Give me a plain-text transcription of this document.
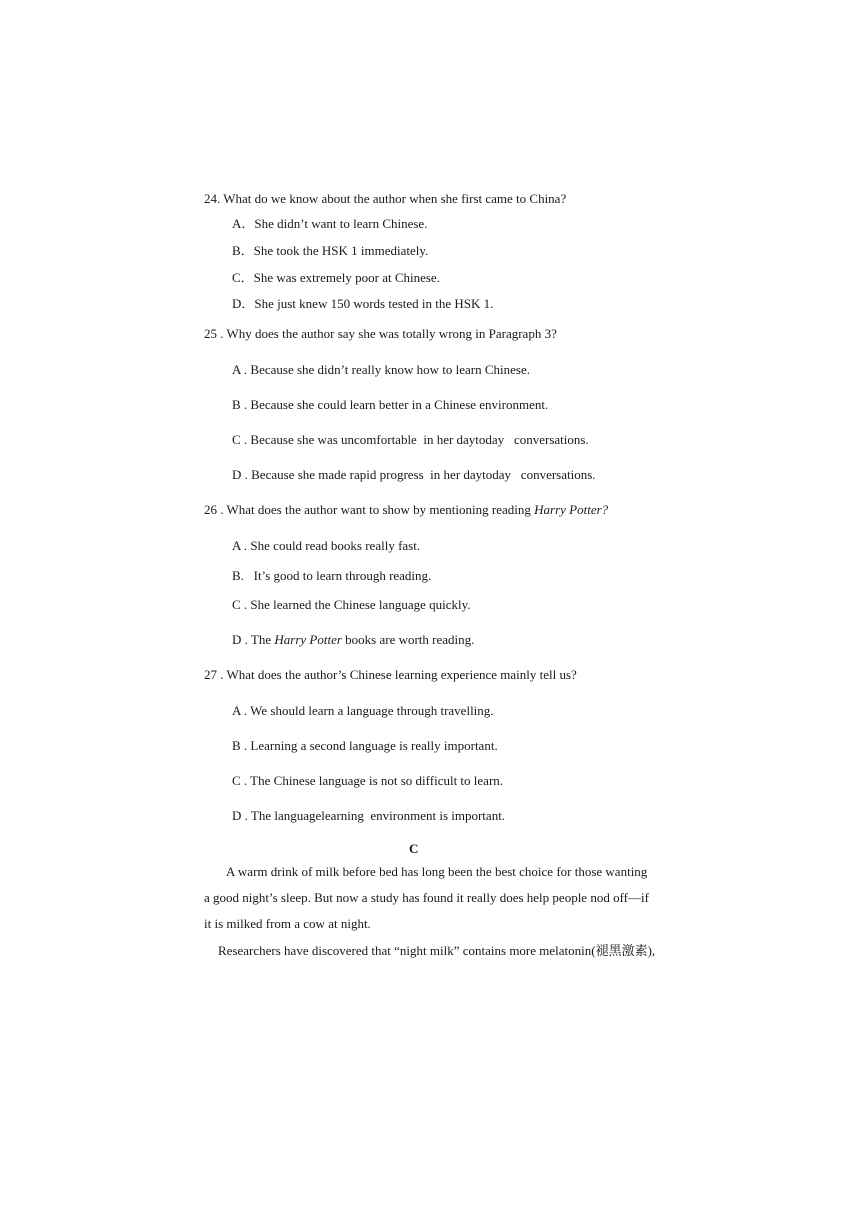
24. What do we know about the author when she first came to China?
A．She didn’t want to learn Chinese.
B．She took the HSK 1 immediately.
C．She was extremely poor at Chinese.
D．She just knew 150 words tested in the HSK 1.
25 . Why does the author say she was totally wrong in Paragraph 3?
A . Because she didn’t really know how to learn Chinese.
B . Because she could learn better in a Chinese environment.
C . Because she was uncomfortable  in her daytoday   conversations.
D . Because she made rapid progress  in her daytoday   conversations.
26 . What does the author want to show by mentioning reading Harry Potter?
A . She could read books really fast.
B.   It’s good to learn through reading.
C . She learned the Chinese language quickly.
D . The Harry Potter books are worth reading.
27 . What does the author’s Chinese learning experience mainly tell us?
A . We should learn a language through travelling.
B . Learning a second language is really important.
C . The Chinese language is not so difficult to learn.
D . The languagelearning  environment is important.
C
A warm drink of milk before bed has long been the best choice for those wanting
a good night’s sleep. But now a study has found it really does help people nod off—if
it is milked from a cow at night.
Researchers have discovered that “night milk” contains more melatonin(褪黑激素),
